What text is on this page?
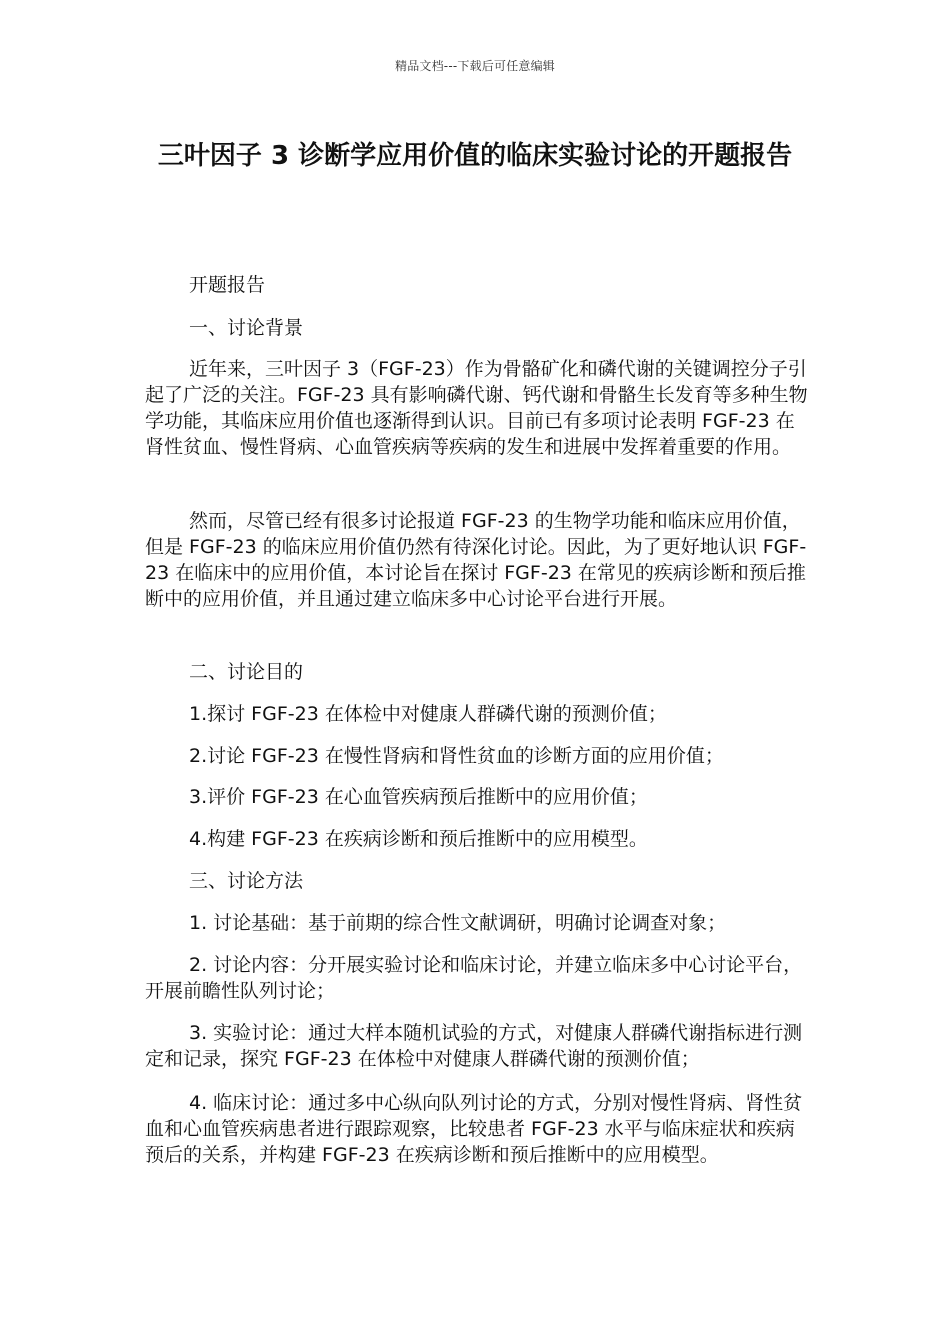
精品文档---下载后可任意编辑
三叶因子 3 诊断学应用价值的临床实验讨论的开题报告

开题报告

一、讨论背景

近年来，三叶因子 3（FGF-23）作为骨骼矿化和磷代谢的关键调控分子引起了广泛的关注。FGF-23 具有影响磷代谢、钙代谢和骨骼生长发育等多种生物学功能，其临床应用价值也逐渐得到认识。目前已有多项讨论表明 FGF-23 在肾性贫血、慢性肾病、心血管疾病等疾病的发生和进展中发挥着重要的作用。

然而，尽管已经有很多讨论报道 FGF-23 的生物学功能和临床应用价值，但是 FGF-23 的临床应用价值仍然有待深化讨论。因此，为了更好地认识 FGF-23 在临床中的应用价值，本讨论旨在探讨 FGF-23 在常见的疾病诊断和预后推断中的应用价值，并且通过建立临床多中心讨论平台进行开展。

二、讨论目的

1.探讨 FGF-23 在体检中对健康人群磷代谢的预测价值；

2.讨论 FGF-23 在慢性肾病和肾性贫血的诊断方面的应用价值；

3.评价 FGF-23 在心血管疾病预后推断中的应用价值；

4.构建 FGF-23 在疾病诊断和预后推断中的应用模型。

三、讨论方法

1. 讨论基础：基于前期的综合性文献调研，明确讨论调查对象；

2. 讨论内容：分开展实验讨论和临床讨论，并建立临床多中心讨论平台，开展前瞻性队列讨论；

3. 实验讨论：通过大样本随机试验的方式，对健康人群磷代谢指标进行测定和记录，探究 FGF-23 在体检中对健康人群磷代谢的预测价值；

4. 临床讨论：通过多中心纵向队列讨论的方式，分别对慢性肾病、肾性贫血和心血管疾病患者进行跟踪观察，比较患者 FGF-23 水平与临床症状和疾病预后的关系，并构建 FGF-23 在疾病诊断和预后推断中的应用模型。
